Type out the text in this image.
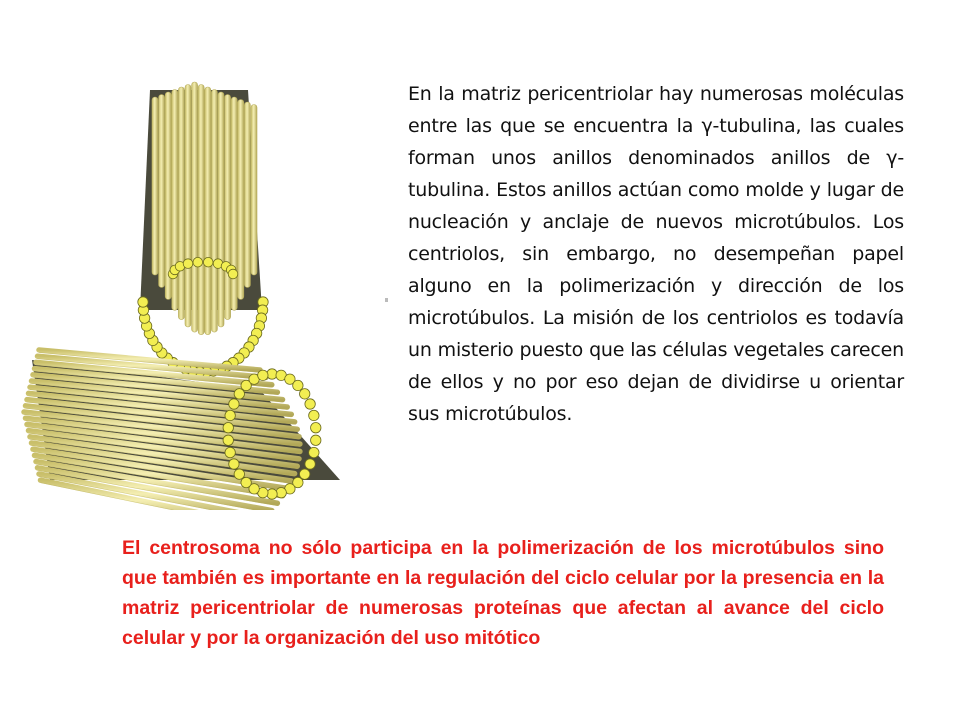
En la matriz pericentriolar hay numerosas moléculas entre las que se encuentra la γ-tubulina, las cuales forman unos anillos denominados anillos de γ-tubulina. Estos anillos actúan como molde y lugar de nucleación y anclaje de nuevos microtúbulos. Los centriolos, sin embargo, no desempeñan papel alguno en la polimerización y dirección de los microtúbulos. La misión de los centriolos es todavía un misterio puesto que las células vegetales carecen de ellos y no por eso dejan de dividirse u orientar sus microtúbulos.

El centrosoma no sólo participa en la polimerización de los microtúbulos sino que también es importante en la regulación del ciclo celular por la presencia en la matriz pericentriolar de numerosas proteínas que afectan al avance del ciclo celular y por la organización del uso mitótico
